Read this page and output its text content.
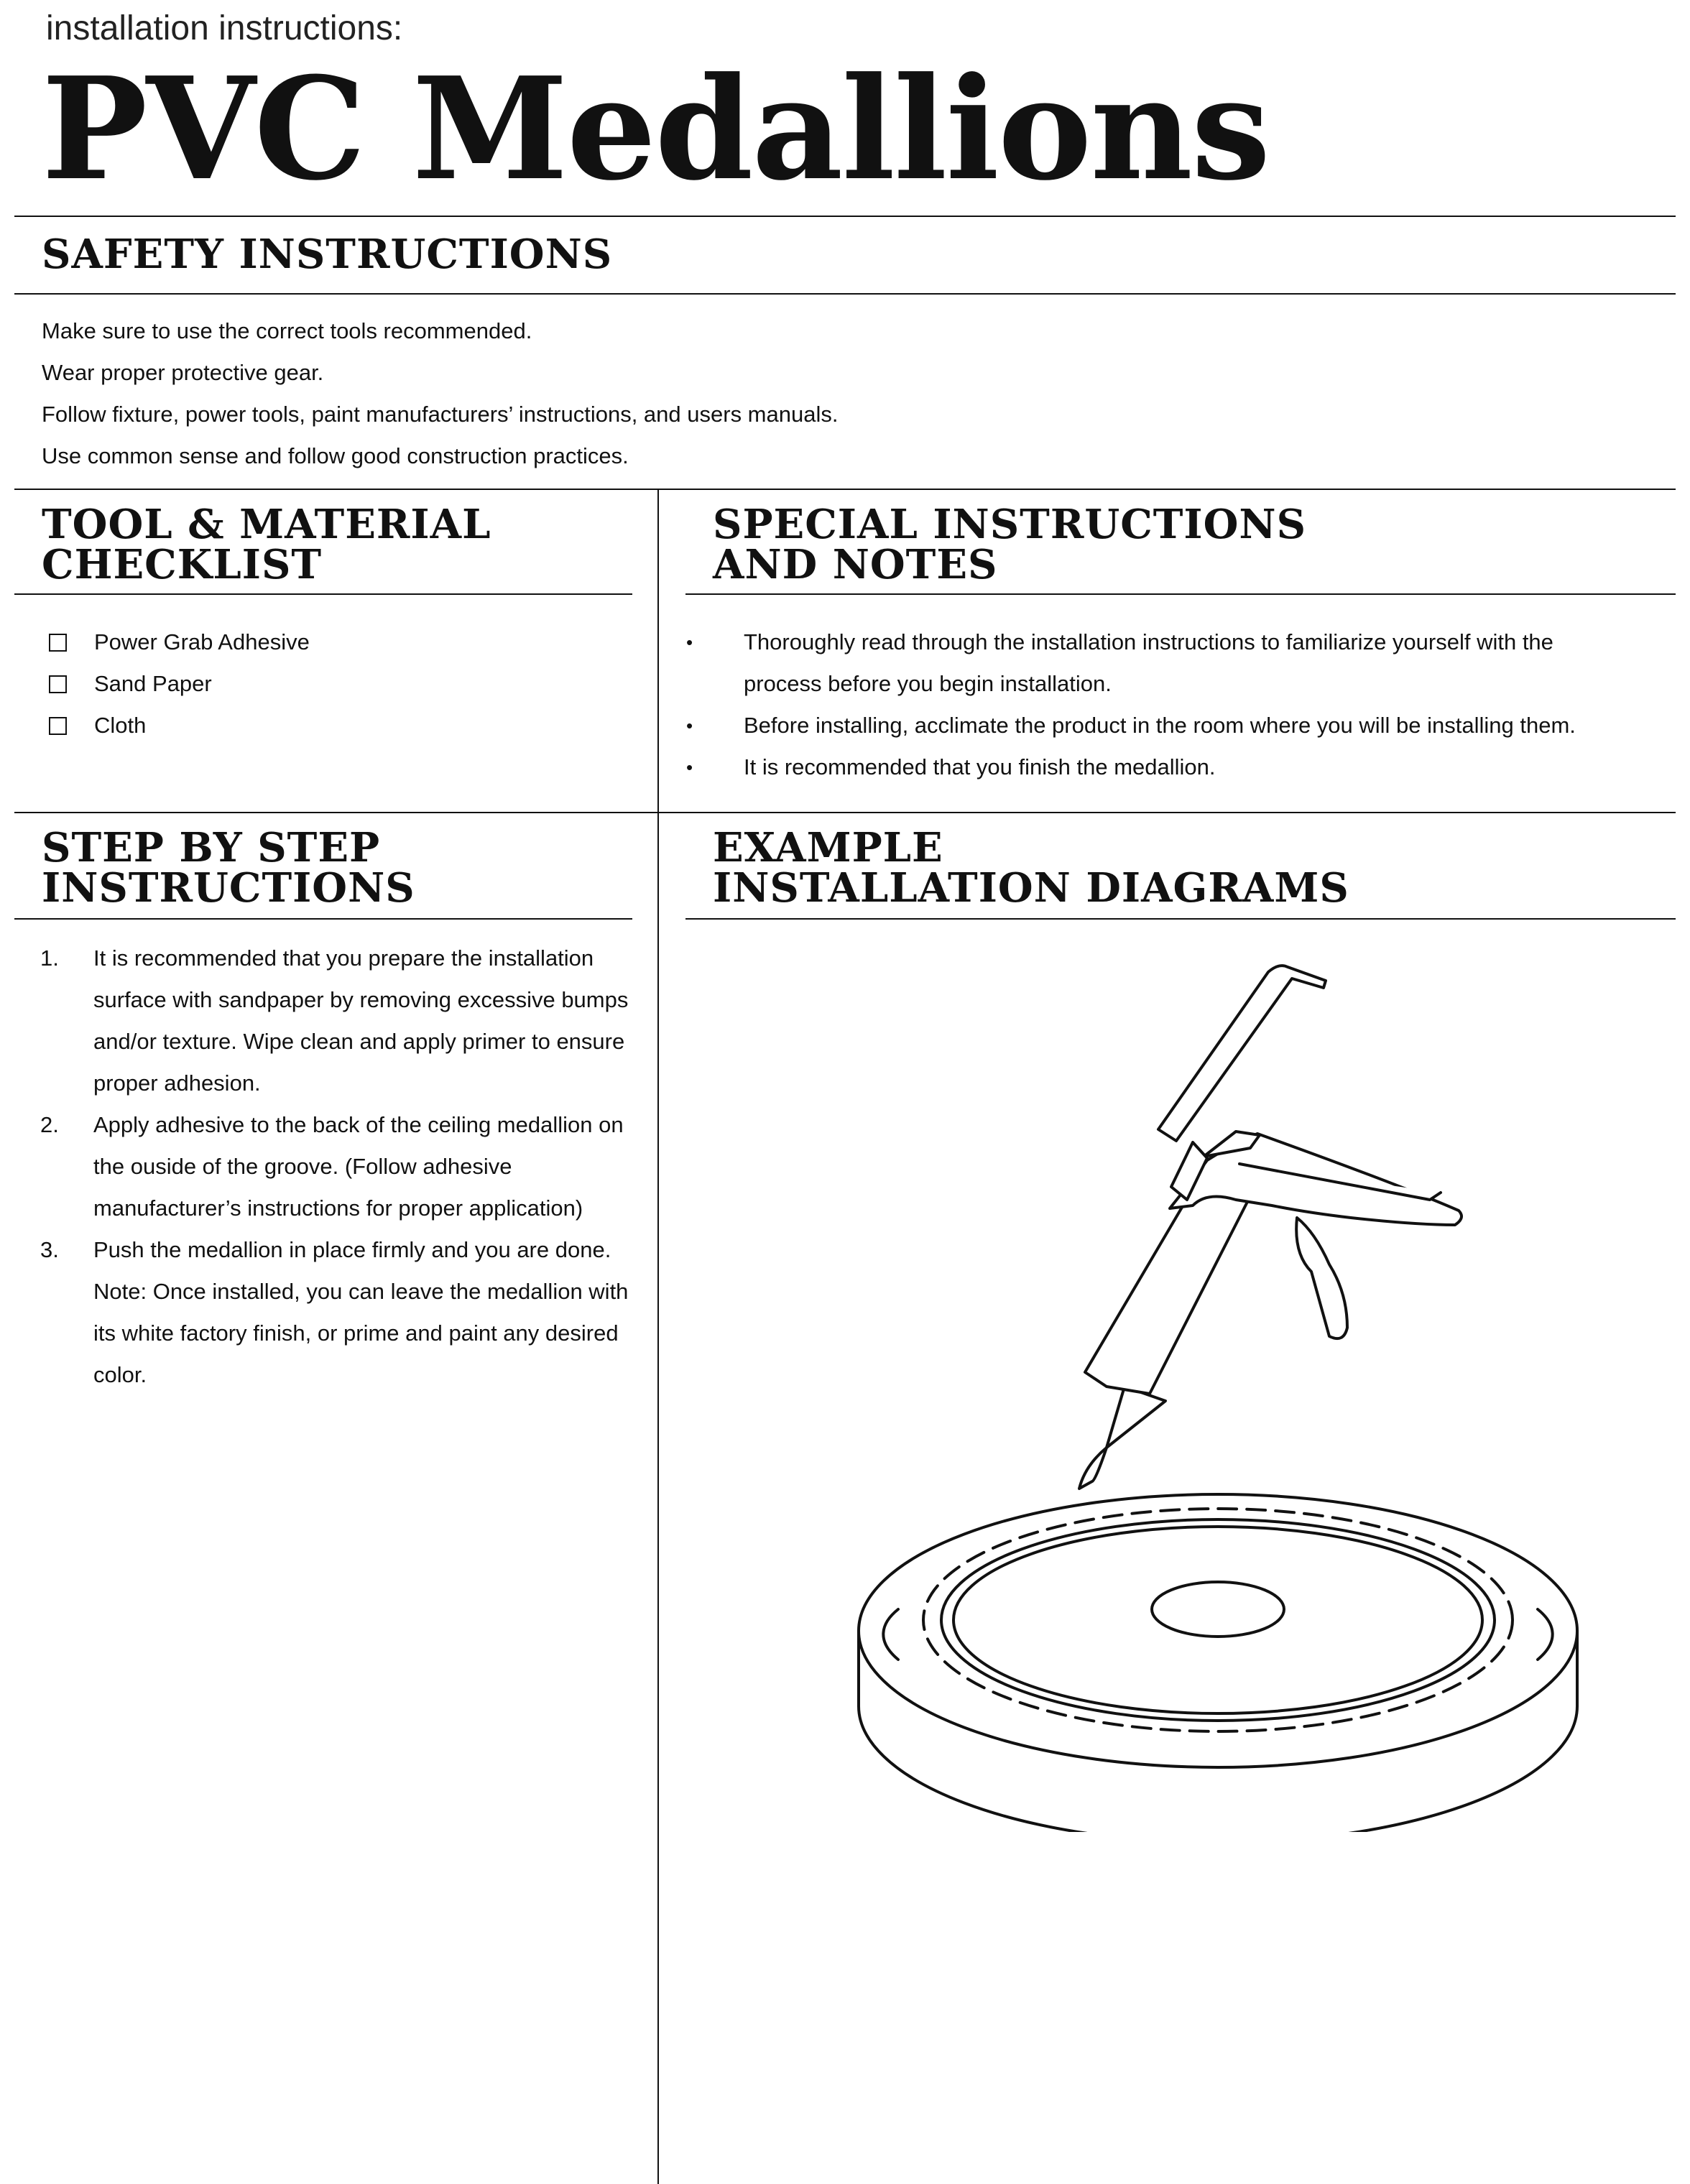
installation instructions:
PVC Medallions
SAFETY INSTRUCTIONS

Make sure to use the correct tools recommended.

Wear proper protective gear.

Follow fixture, power tools, paint manufacturers’ instructions, and users manuals.

Use common sense and follow good construction practices.

TOOL & MATERIAL
CHECKLIST
Power Grab Adhesive
Sand Paper
Cloth
SPECIAL INSTRUCTIONS
AND NOTES
• Thoroughly read through the installation instructions to familiarize yourself with the process before you begin installation.
• Before installing, acclimate the product in the room where you will be installing them.
• It is recommended that you finish the medallion.
STEP BY STEP
INSTRUCTIONS
1. It is recommended that you prepare the installation surface with sandpaper by removing excessive bumps and/or texture. Wipe clean and apply primer to ensure proper adhesion.
2. Apply adhesive to the back of the ceiling medallion on the ouside of the groove. (Follow adhesive manufacturer’s instructions for proper application)
3. Push the medallion in place firmly and you are done.
Note: Once installed, you can leave the medallion with its white factory finish, or prime and paint any desired color.
EXAMPLE
INSTALLATION DIAGRAMS
